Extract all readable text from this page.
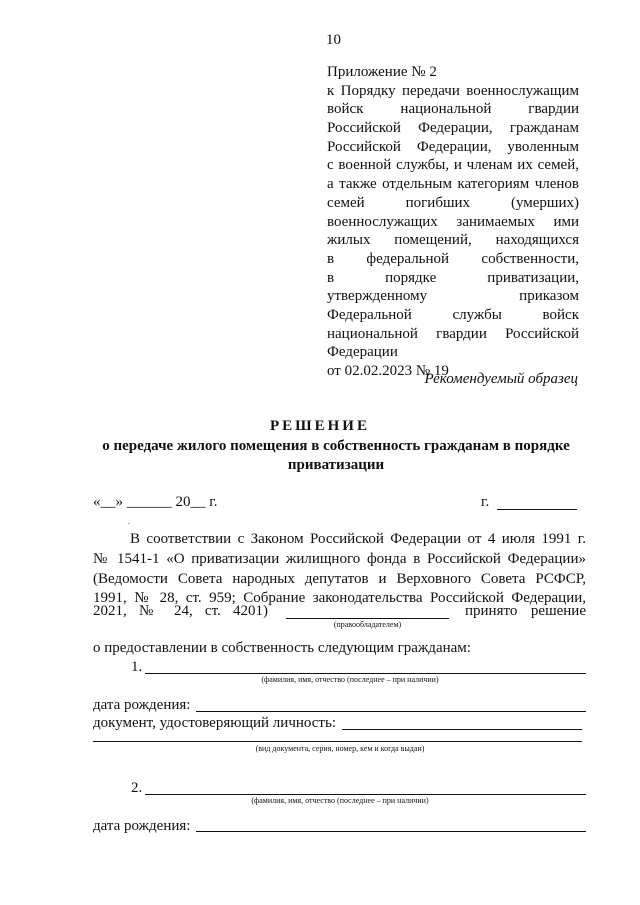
10
Приложение № 2
к Порядку передачи военнослужащим
войск национальной гвардии
Российской Федерации, гражданам
Российской Федерации, уволенным
с военной службы, и членам их семей,
а также отдельным категориям членов
семей погибших (умерших)
военнослужащих занимаемых ими
жилых помещений, находящихся
в федеральной собственности,
в порядке приватизации,
утвержденному приказом
Федеральной службы войск
национальной гвардии Российской
Федерации
от 02.02.2023 № 19
Рекомендуемый образец
РЕШЕНИЕ
о передаче жилого помещения в собственность гражданам в порядке приватизации
«__» ______ 20__ г.	г.
.
В соответствии с Законом Российской Федерации от 4 июля 1991 г.
№ 1541-1 «О приватизации жилищного фонда в Российской Федерации»
(Ведомости Совета народных депутатов и Верховного Совета РСФСР,
1991, № 28, ст. 959; Собрание законодательства Российской Федерации,
2021, № 24, ст. 4201)
(правообладателем)
принято решение
о предоставлении в собственность следующим гражданам:
1.
(фамилия, имя, отчество (последнее – при наличии)
дата рождения:
документ, удостоверяющий личность:
(вид документа, серия, номер, кем и когда выдан)
2.
(фамилия, имя, отчество (последнее – при наличии)
дата рождения:
